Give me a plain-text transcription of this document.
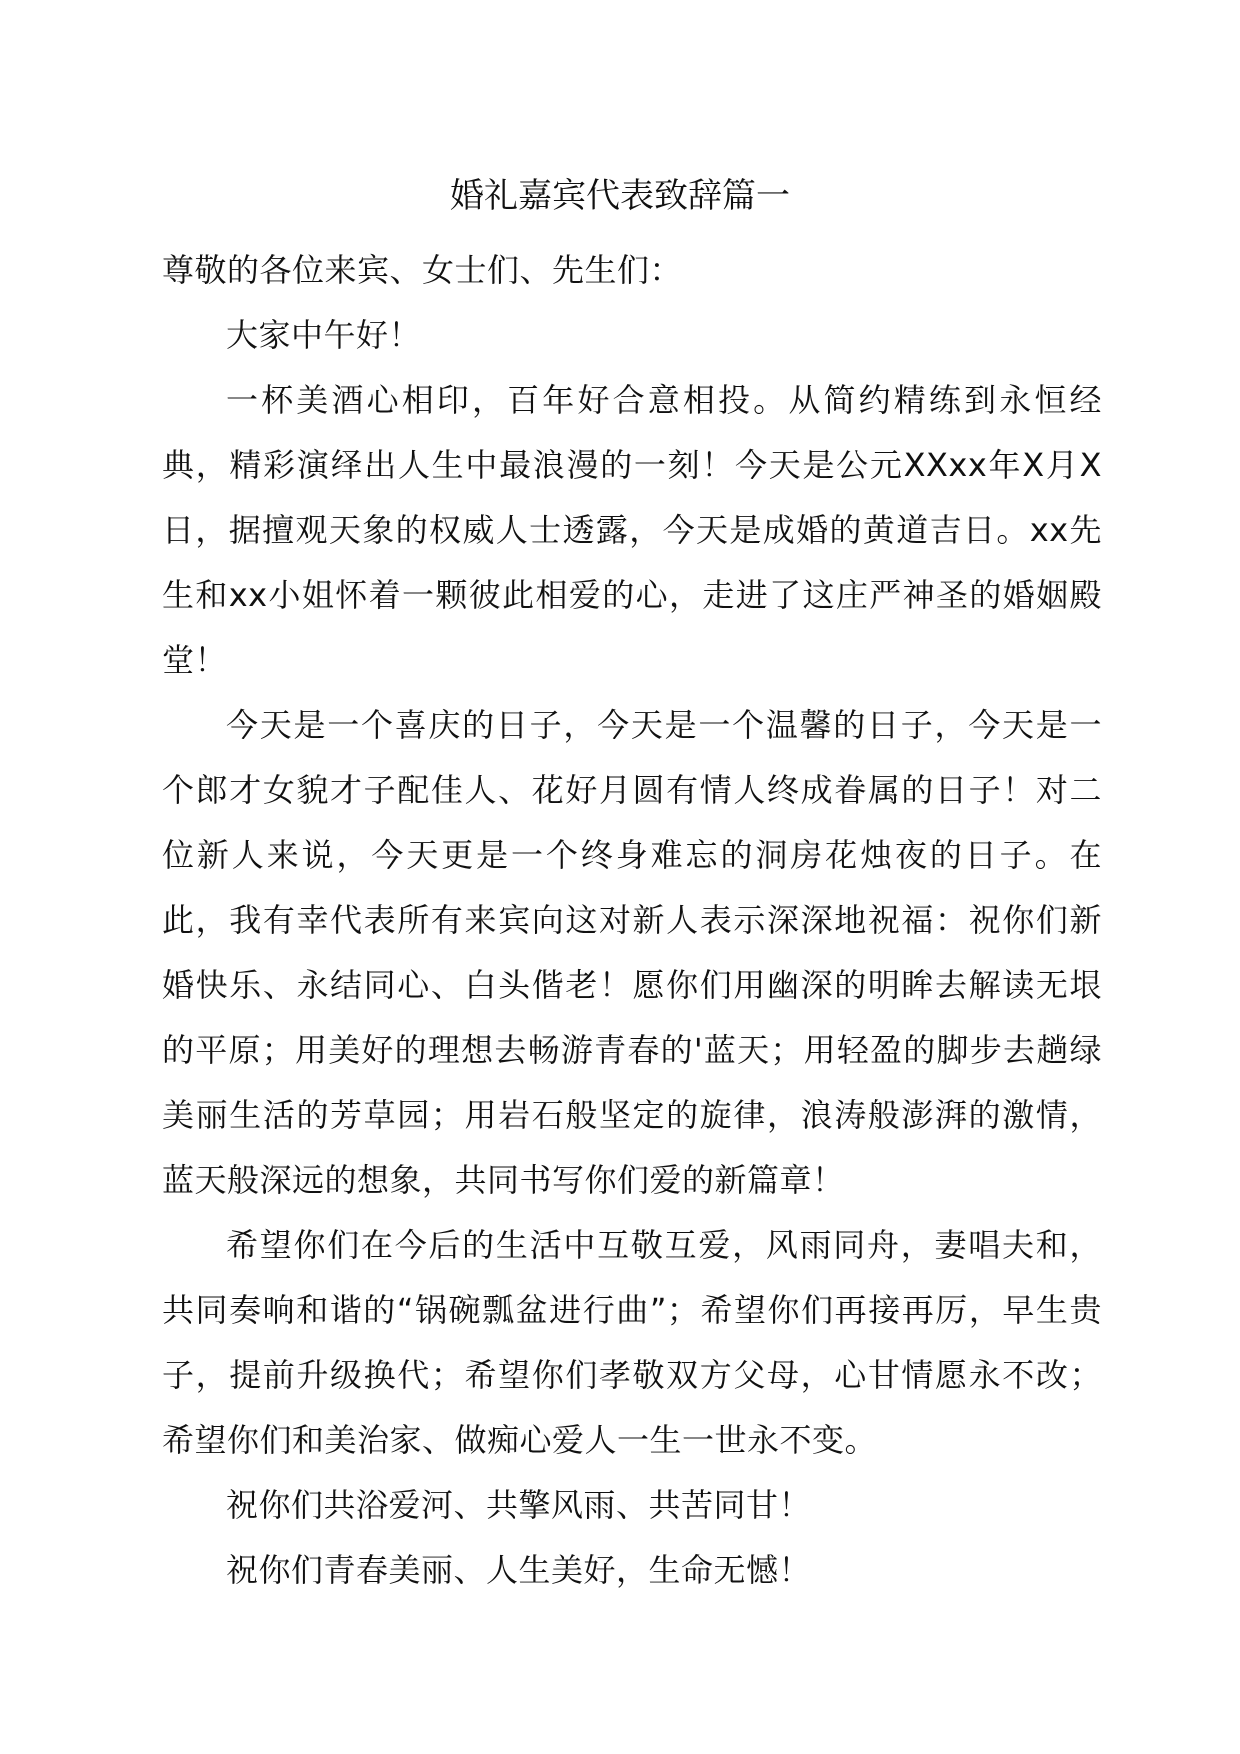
婚礼嘉宾代表致辞篇一

尊敬的各位来宾、女士们、先生们：

大家中午好！

一杯美酒心相印，百年好合意相投。从简约精练到永恒经典，精彩演绎出人生中最浪漫的一刻！今天是公元XXxx年X月X日，据擅观天象的权威人士透露，今天是成婚的黄道吉日。xx先生和xx小姐怀着一颗彼此相爱的心，走进了这庄严神圣的婚姻殿堂！

今天是一个喜庆的日子，今天是一个温馨的日子，今天是一个郎才女貌才子配佳人、花好月圆有情人终成眷属的日子！对二位新人来说，今天更是一个终身难忘的洞房花烛夜的日子。在此，我有幸代表所有来宾向这对新人表示深深地祝福：祝你们新婚快乐、永结同心、白头偕老！愿你们用幽深的明眸去解读无垠的平原；用美好的理想去畅游青春的'蓝天；用轻盈的脚步去趟绿美丽生活的芳草园；用岩石般坚定的旋律，浪涛般澎湃的激情，蓝天般深远的想象，共同书写你们爱的新篇章！

希望你们在今后的生活中互敬互爱，风雨同舟，妻唱夫和，共同奏响和谐的“锅碗瓢盆进行曲”；希望你们再接再厉，早生贵子，提前升级换代；希望你们孝敬双方父母，心甘情愿永不改；希望你们和美治家、做痴心爱人一生一世永不变。

祝你们共浴爱河、共擎风雨、共苦同甘！

祝你们青春美丽、人生美好，生命无憾！
